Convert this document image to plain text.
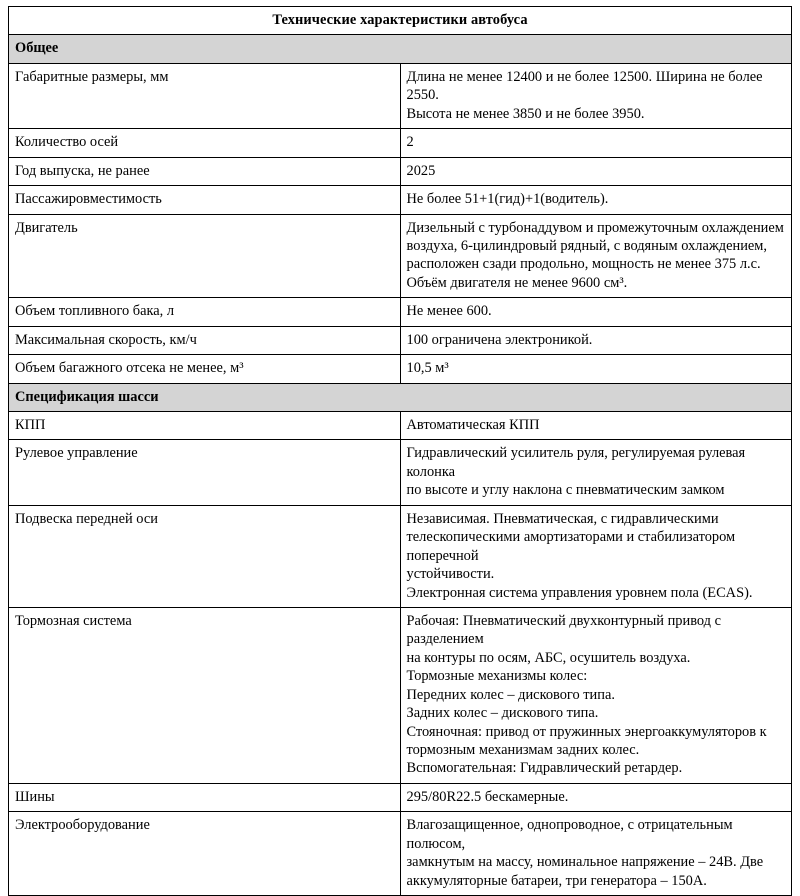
Технические характеристики автобуса	
Общее	
Габаритные размеры, мм	Длина не менее 12400 и не более 12500. Ширина не более 2550.
Высота не менее 3850 и не более 3950.

Количество осей	2

Год выпуска, не ранее	2025

Пассажировместимость	Не более 51+1(гид)+1(водитель).

Двигатель	Дизельный с турбонаддувом и промежуточным охлаждением
воздуха, 6-цилиндровый рядный, с водяным охлаждением,
расположен сзади продольно, мощность не менее 375 л.с.
Объём двигателя не менее 9600 см³.

Объем топливного бака, л	Не менее 600.

Максимальная скорость, км/ч	100 ограничена электроникой.

Объем багажного отсека не менее, м³	10,5 м³

Спецификация шасси	
КПП	Автоматическая КПП

Рулевое управление	Гидравлический усилитель руля, регулируемая рулевая колонка
по высоте и углу наклона с пневматическим замком

Подвеска передней оси	Независимая. Пневматическая, с гидравлическими
телескопическими амортизаторами и стабилизатором поперечной
устойчивости.
Электронная система управления уровнем пола (ECAS).

Тормозная система	Рабочая: Пневматический двухконтурный привод с разделением
на контуры по осям, АБС, осушитель воздуха.
Тормозные механизмы колес:
Передних колес – дискового типа.
Задних колес – дискового типа.
Стояночная: привод от пружинных энергоаккумуляторов к
тормозным механизмам задних колес.
Вспомогательная: Гидравлический ретардер.

Шины	295/80R22.5 бескамерные.

Электрооборудование	Влагозащищенное, однопроводное, с отрицательным полюсом,
замкнутым на массу, номинальное напряжение – 24В. Две
аккумуляторные батареи, три генератора – 150А.
